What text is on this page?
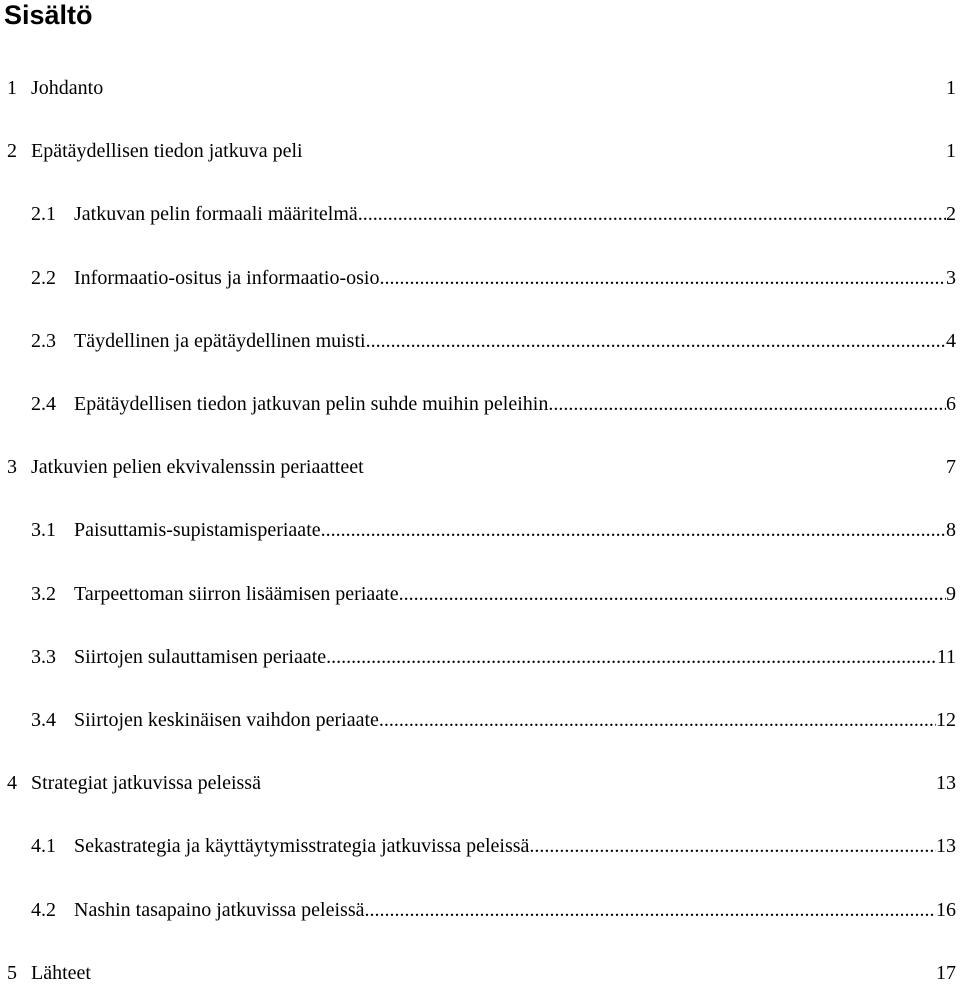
Sisältö
1 Johdanto	1
2 Epätäydellisen tiedon jatkuva peli	1
2.1 Jatkuvan pelin formaali määritelmä .....	2
2.2 Informaatio-ositus ja informaatio-osio .....	3
2.3 Täydellinen ja epätäydellinen muisti .....	4
2.4 Epätäydellisen tiedon jatkuvan pelin suhde muihin peleihin .....	6
3 Jatkuvien pelien ekvivalenssin periaatteet	7
3.1 Paisuttamis-supistamisperiaate .....	8
3.2 Tarpeettoman siirron lisäämisen periaate .....	9
3.3 Siirtojen sulauttamisen periaate .....	11
3.4 Siirtojen keskinäisen vaihdon periaate .....	12
4 Strategiat jatkuvissa peleissä	13
4.1 Sekastrategia ja käyttäytymisstrategia jatkuvissa peleissä .....	13
4.2 Nashin tasapaino jatkuvissa peleissä .....	16
5 Lähteet	17
